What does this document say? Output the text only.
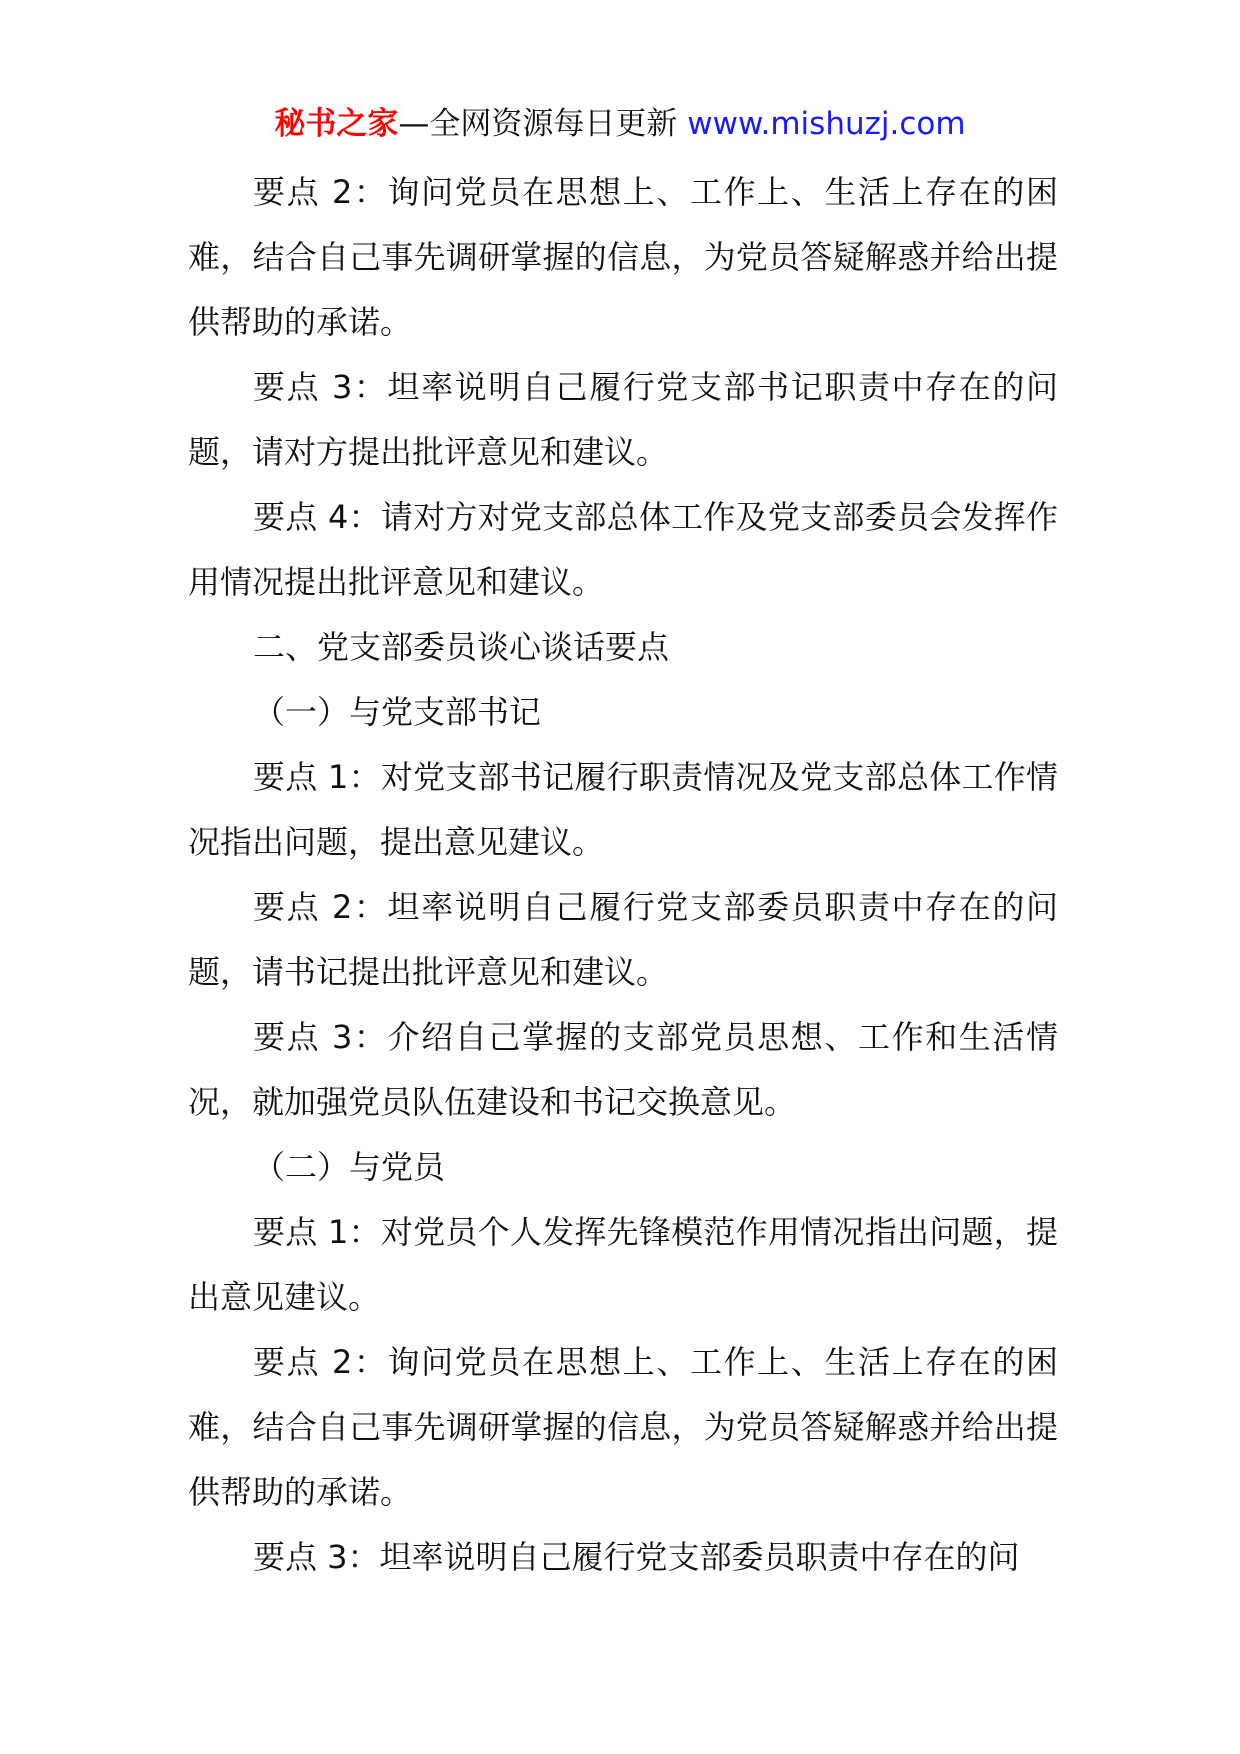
秘书之家—全网资源每日更新 www.mishuzj.com

要点 2：询问党员在思想上、工作上、生活上存在的困难，结合自己事先调研掌握的信息，为党员答疑解惑并给出提供帮助的承诺。

要点 3：坦率说明自己履行党支部书记职责中存在的问题，请对方提出批评意见和建议。

要点 4：请对方对党支部总体工作及党支部委员会发挥作用情况提出批评意见和建议。

二、党支部委员谈心谈话要点

（一）与党支部书记

要点 1：对党支部书记履行职责情况及党支部总体工作情况指出问题，提出意见建议。

要点 2：坦率说明自己履行党支部委员职责中存在的问题，请书记提出批评意见和建议。

要点 3：介绍自己掌握的支部党员思想、工作和生活情况，就加强党员队伍建设和书记交换意见。

（二）与党员

要点 1：对党员个人发挥先锋模范作用情况指出问题，提出意见建议。

要点 2：询问党员在思想上、工作上、生活上存在的困难，结合自己事先调研掌握的信息，为党员答疑解惑并给出提供帮助的承诺。

要点 3：坦率说明自己履行党支部委员职责中存在的问
